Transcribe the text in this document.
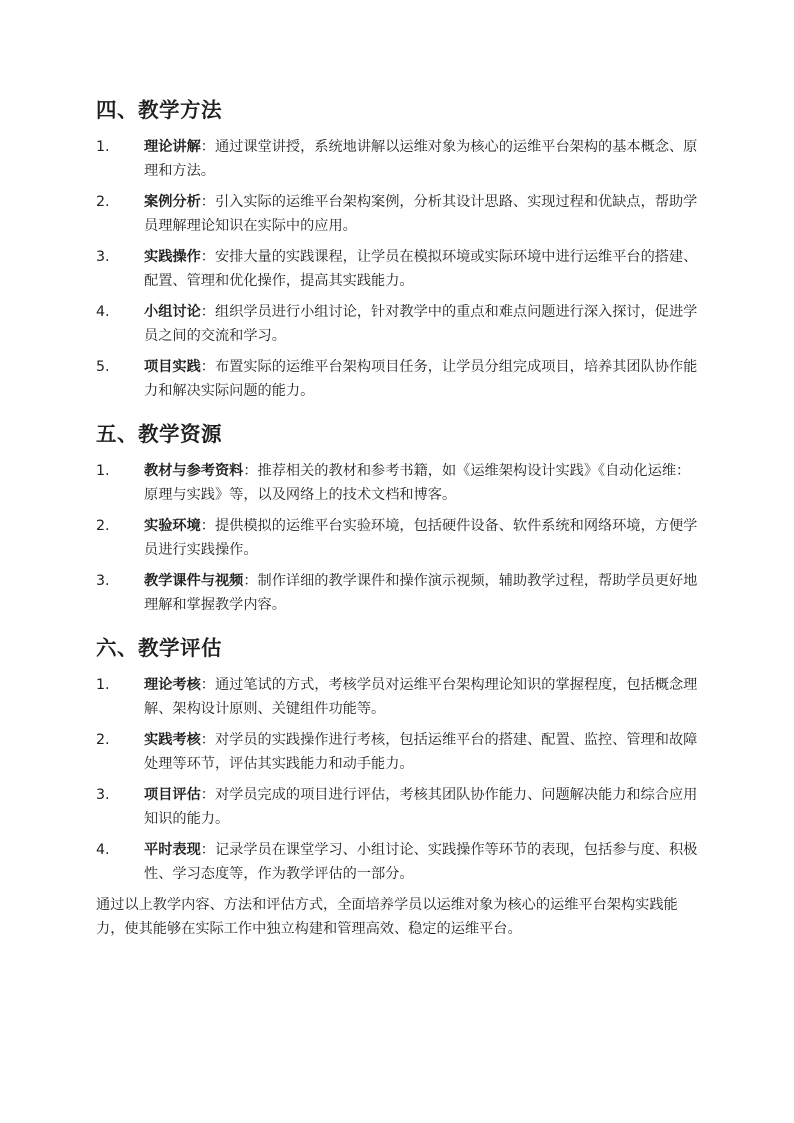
四、教学方法
1.	理论讲解：通过课堂讲授，系统地讲解以运维对象为核心的运维平台架构的基本概念、原理和方法。
2.	案例分析：引入实际的运维平台架构案例，分析其设计思路、实现过程和优缺点，帮助学员理解理论知识在实际中的应用。
3.	实践操作：安排大量的实践课程，让学员在模拟环境或实际环境中进行运维平台的搭建、配置、管理和优化操作，提高其实践能力。
4.	小组讨论：组织学员进行小组讨论，针对教学中的重点和难点问题进行深入探讨，促进学员之间的交流和学习。
5.	项目实践：布置实际的运维平台架构项目任务，让学员分组完成项目，培养其团队协作能力和解决实际问题的能力。
五、教学资源
1.	教材与参考资料：推荐相关的教材和参考书籍，如《运维架构设计实践》《自动化运维：原理与实践》等，以及网络上的技术文档和博客。
2.	实验环境：提供模拟的运维平台实验环境，包括硬件设备、软件系统和网络环境，方便学员进行实践操作。
3.	教学课件与视频：制作详细的教学课件和操作演示视频，辅助教学过程，帮助学员更好地理解和掌握教学内容。
六、教学评估
1.	理论考核：通过笔试的方式，考核学员对运维平台架构理论知识的掌握程度，包括概念理解、架构设计原则、关键组件功能等。
2.	实践考核：对学员的实践操作进行考核，包括运维平台的搭建、配置、监控、管理和故障处理等环节，评估其实践能力和动手能力。
3.	项目评估：对学员完成的项目进行评估，考核其团队协作能力、问题解决能力和综合应用知识的能力。
4.	平时表现：记录学员在课堂学习、小组讨论、实践操作等环节的表现，包括参与度、积极性、学习态度等，作为教学评估的一部分。

通过以上教学内容、方法和评估方式，全面培养学员以运维对象为核心的运维平台架构实践能力，使其能够在实际工作中独立构建和管理高效、稳定的运维平台。
